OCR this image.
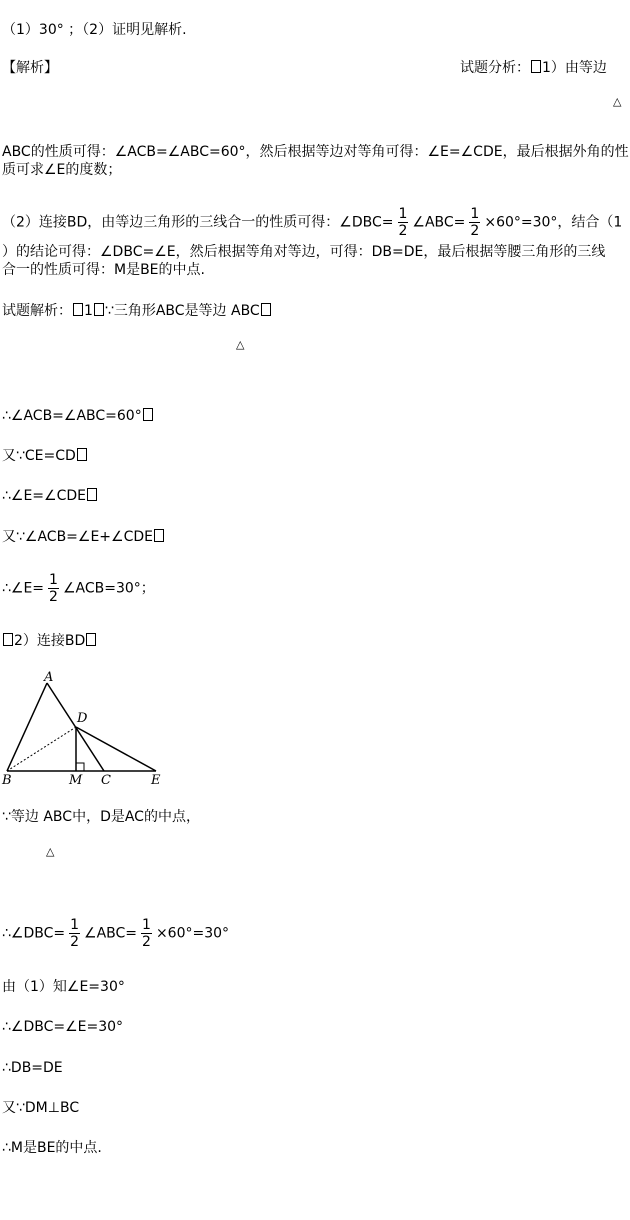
（1）30° ；（2）证明见解析.
【解析】	试题分析： 1）由等边
△
ABC的性质可得：∠ACB=∠ABC=60°，然后根据等边对等角可得：∠E=∠CDE，最后根据外角的性
质可求∠E的度数；
（2）连接BD，由等边三角形的三线合一的性质可得：∠DBC= $\frac{1}{2}$ ∠ABC= $\frac{1}{2} \times 60^\circ=30^\circ$，结合（1
）的结论可得：∠DBC=∠E，然后根据等角对等边，可得：DB=DE，最后根据等腰三角形的三线
合一的性质可得：M是BE的中点.
试题解析： 1 ∵三角形ABC是等边 ABC
△
∴∠ACB=∠ABC=60°
又∵CE=CD
∴∠E=∠CDE
又∵∠ACB=∠E+∠CDE
∴∠E= $\frac{1}{2}$ ∠ACB=30°；
2）连接BD
A
B	C
D
E
M
∵等边 ABC中，D是AC的中点，
△
∴∠DBC= $\frac{1}{2}$ ∠ABC= $\frac{1}{2} \times 60^\circ=30^\circ$
由（1）知∠E=30°
∴∠DBC=∠E=30°
∴DB=DE
又∵DM⊥BC
∴M是BE的中点.
